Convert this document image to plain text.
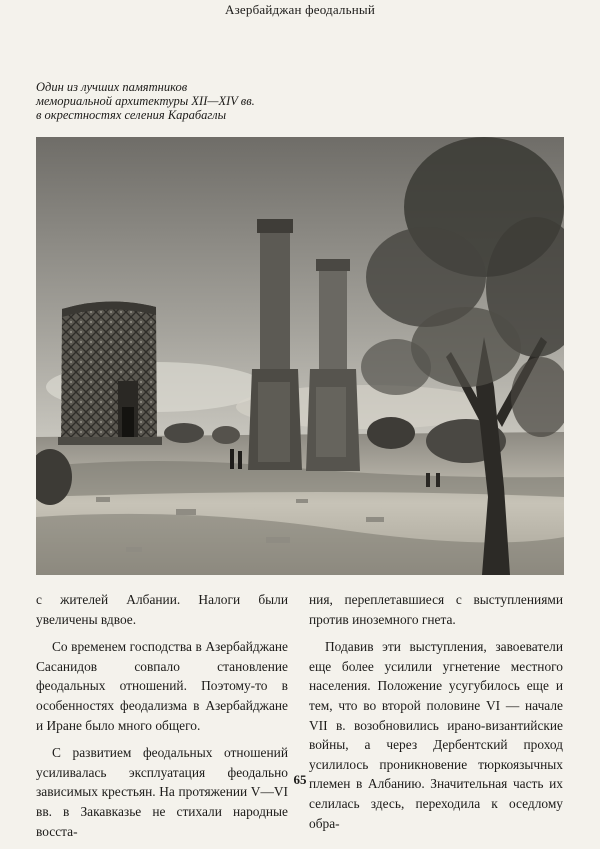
Азербайджан феодальный
Один из лучших памятников
мемориальной архитектуры XII—XIV вв.
в окрестностях селения Карабаглы

с жителей Албании. Налоги были увеличены вдвое.

Со временем господства в Азербайджане Сасанидов совпало становление феодальных отношений. Поэтому-то в особенностях феодализма в Азербайджане и Иране было много общего.

С развитием феодальных отношений усиливалась эксплуатация феодально зависимых крестьян. На протяжении V—VI вв. в Закавказье не стихали народные восста-

ния, переплетавшиеся с выступлениями против иноземного гнета.

Подавив эти выступления, завоеватели еще более усилили угнетение местного населения. Положение усугубилось еще и тем, что во второй половине VI — начале VII в. возобновились ирано-византийские войны, а через Дербентский проход усилилось проникновение тюркоязычных племен в Албанию. Значительная часть их селилась здесь, переходила к оседлому обра-

65
